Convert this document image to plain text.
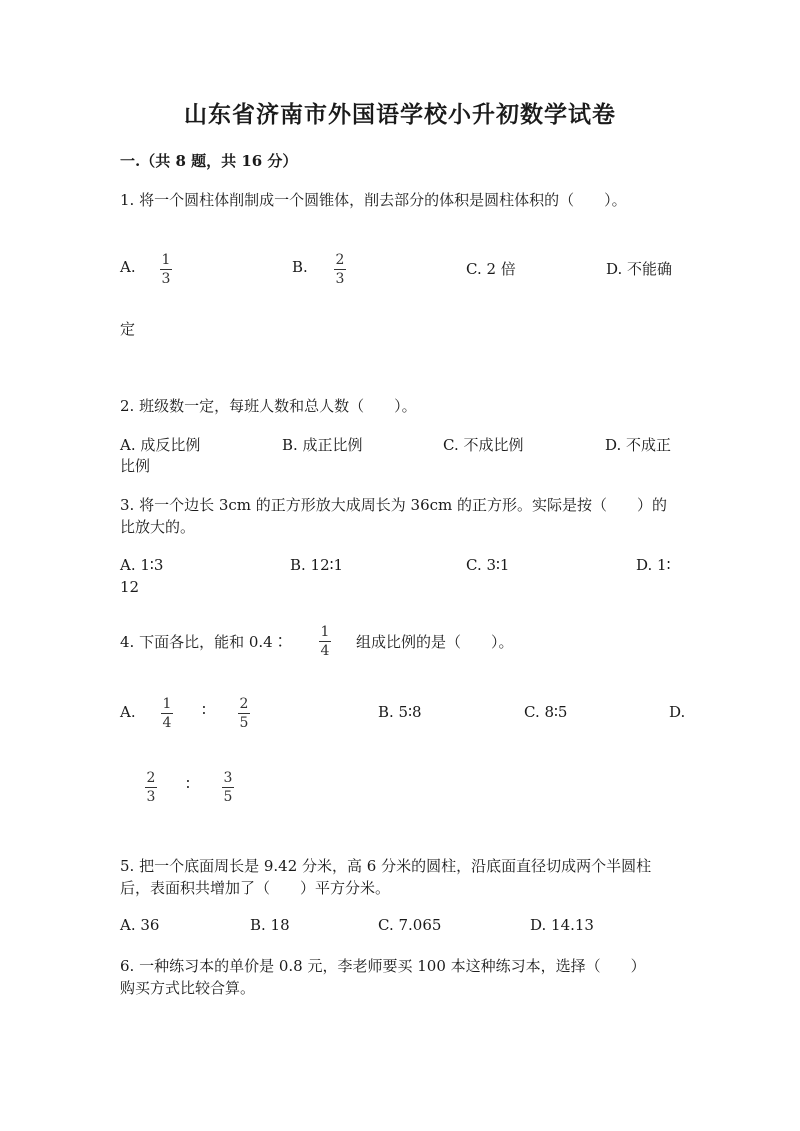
山东省济南市外国语学校小升初数学试卷
一.（共 8 题，共 16 分）
1. 将一个圆柱体削制成一个圆锥体，削去部分的体积是圆柱体积的（　　）。
A. 1
3
B. 2
3
C. 2 倍	D. 不能确
定
2. 班级数一定，每班人数和总人数（　　）。
A. 成反比例	B. 成正比例	C. 不成比例	D. 不成正
比例
3. 将一个边长 3cm 的正方形放大成周长为 36cm 的正方形。实际是按（　　）的
比放大的。
A. 1∶3	B. 12∶1	C. 3∶1	D. 1∶
12
4. 下面各比，能和 0.4∶
1
4 组成比例的是（　　）。
A. 1
4
∶ 2
5
B. 5∶8	C. 8∶5	D.
2
3
∶ 3
5
5. 把一个底面周长是 9.42 分米，高 6 分米的圆柱，沿底面直径切成两个半圆柱
后，表面积共增加了（　　）平方分米。
A. 36	B. 18	C. 7.065	D. 14.13
6. 一种练习本的单价是 0.8 元，李老师要买 100 本这种练习本，选择（　　）
购买方式比较合算。
